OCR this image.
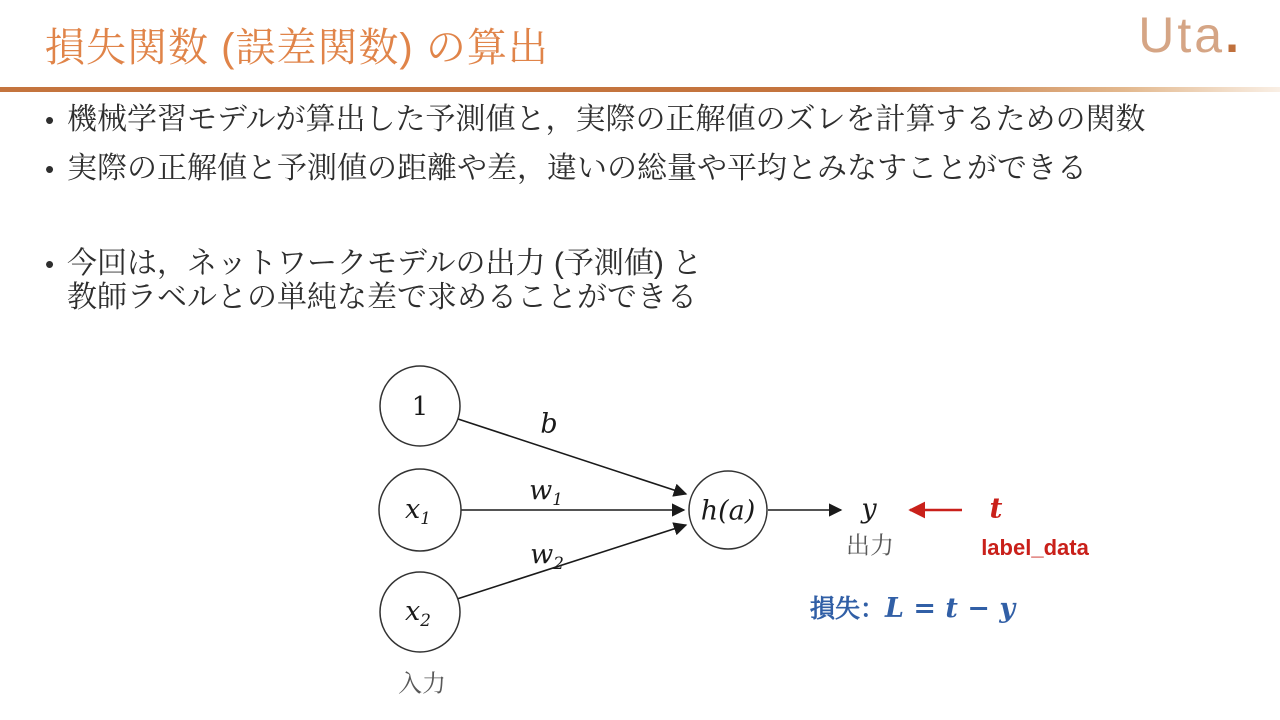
損失関数 (誤差関数) の算出	Uta.
• 機械学習モデルが算出した予測値と，実際の正解値のズレを計算するための関数
• 実際の正解値と予測値の距離や差，違いの総量や平均とみなすことができる
• 今回は，ネットワークモデルの出力 (予測値) と
教師ラベルとの単純な差で求めることができる
1
$x_1$
$x_2$
h(a)
b
$w_1$
$w_2$
y
出力
t
label_data
損失：L = t − y
入力
